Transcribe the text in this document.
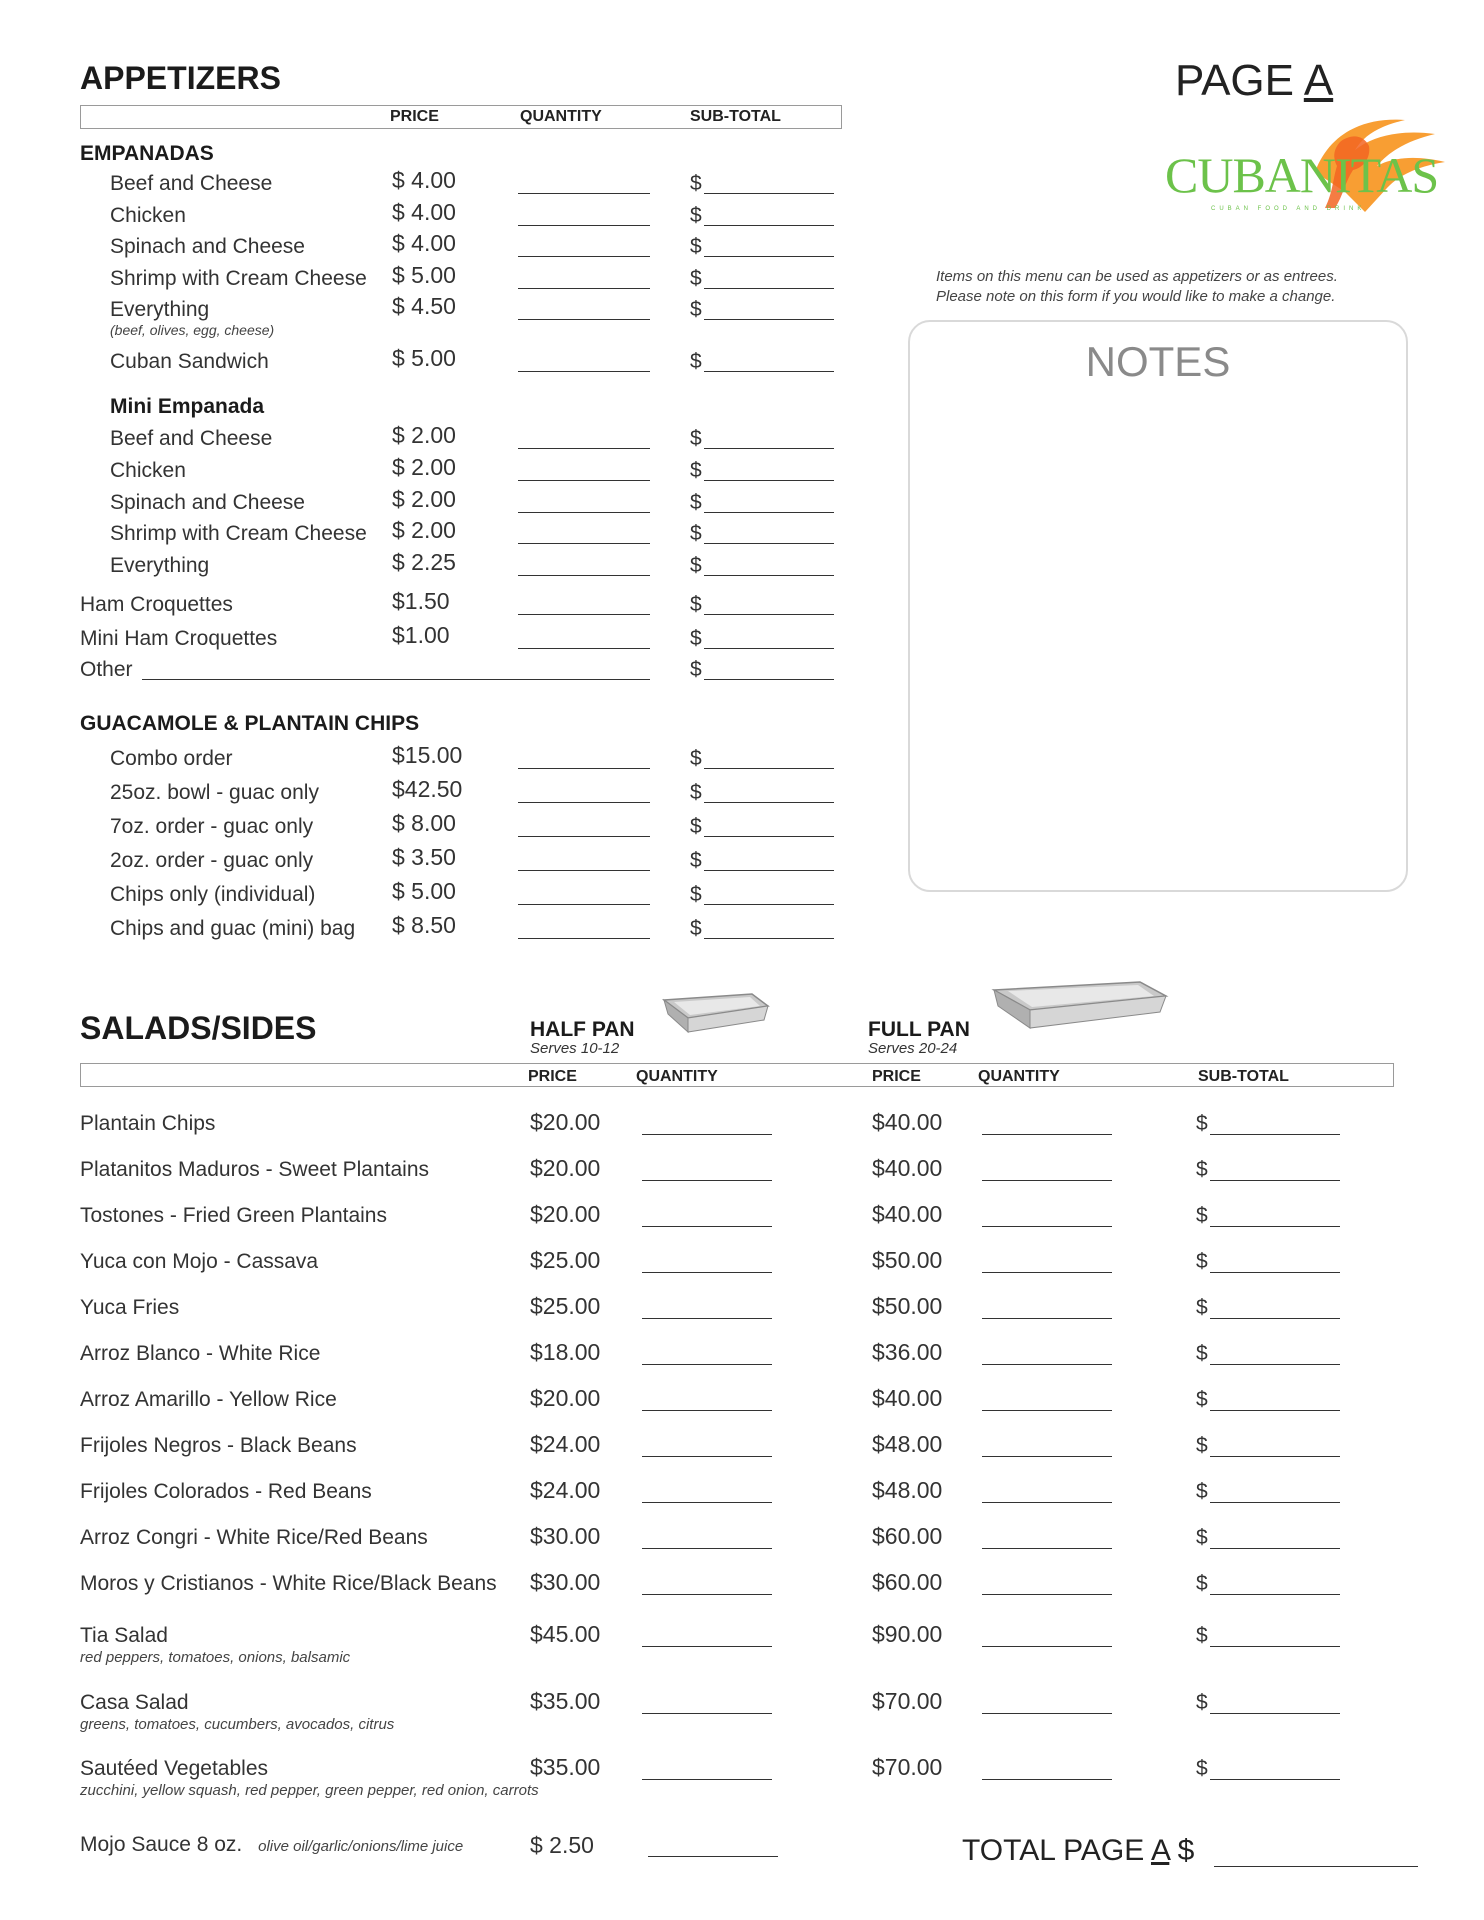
APPETIZERS
PRICE	QUANTITY	SUB-TOTAL
EMPANADAS
Beef and Cheese	$ 4.00	$
Chicken	$ 4.00	$
Spinach and Cheese	$ 4.00	$
Shrimp with Cream Cheese $ 5.00	$
Everything	$ 4.50	$
(beef, olives, egg, cheese)
Cuban Sandwich	$ 5.00	$
Beef and Cheese	$ 2.00	$
Chicken	$ 2.00	$
Spinach and Cheese	$ 2.00	$
Shrimp with Cream Cheese $ 2.00	$
Everything	$ 2.25	$
Ham Croquettes	$1.50	$
Mini Ham Croquettes	$1.00	$
Combo order	$15.00	$
25oz. bowl - guac only	$42.50	$
7oz. order - guac only	$ 8.00	$
2oz. order - guac only	$ 3.50	$
Chips only (individual)	$ 5.00	$
Chips and guac (mini) bag $ 8.50	$
Mini Empanada
Other	$
GUACAMOLE & PLANTAIN CHIPS
PAGE A
CUBANITAS
CUBAN FOOD AND DRINK
Items on this menu can be used as appetizers or as entrees.
Please note on this form if you would like to make a change.
NOTES
SALADS/SIDES	HALF PAN
Serves 10-12
FULL PAN
Serves 20-24
PRICE	QUANTITY	PRICE	QUANTITY	SUB-TOTAL
Plantain Chips	$20.00	$40.00	$
Platanitos Maduros - Sweet Plantains	$20.00	$40.00	$
Tostones - Fried Green Plantains	$20.00	$40.00	$
Yuca con Mojo - Cassava	$25.00	$50.00	$
Yuca Fries	$25.00	$50.00	$
Arroz Blanco - White Rice	$18.00	$36.00	$
Arroz Amarillo - Yellow Rice	$20.00	$40.00	$
Frijoles Negros - Black Beans	$24.00	$48.00	$
Frijoles Colorados - Red Beans	$24.00	$48.00	$
Arroz Congri - White Rice/Red Beans	$30.00	$60.00	$
Moros y Cristianos - White Rice/Black Beans $30.00	$60.00	$
Tia Salad	$45.00	$90.00	$
red peppers, tomatoes, onions, balsamic
Casa Salad	$35.00	$70.00	$
greens, tomatoes, cucumbers, avocados, citrus
Sautéed Vegetables	$35.00	$70.00	$
zucchini, yellow squash, red pepper, green pepper, red onion, carrots
Mojo Sauce 8 oz. olive oil/garlic/onions/lime juice	$ 2.50	TOTAL PAGE A $
